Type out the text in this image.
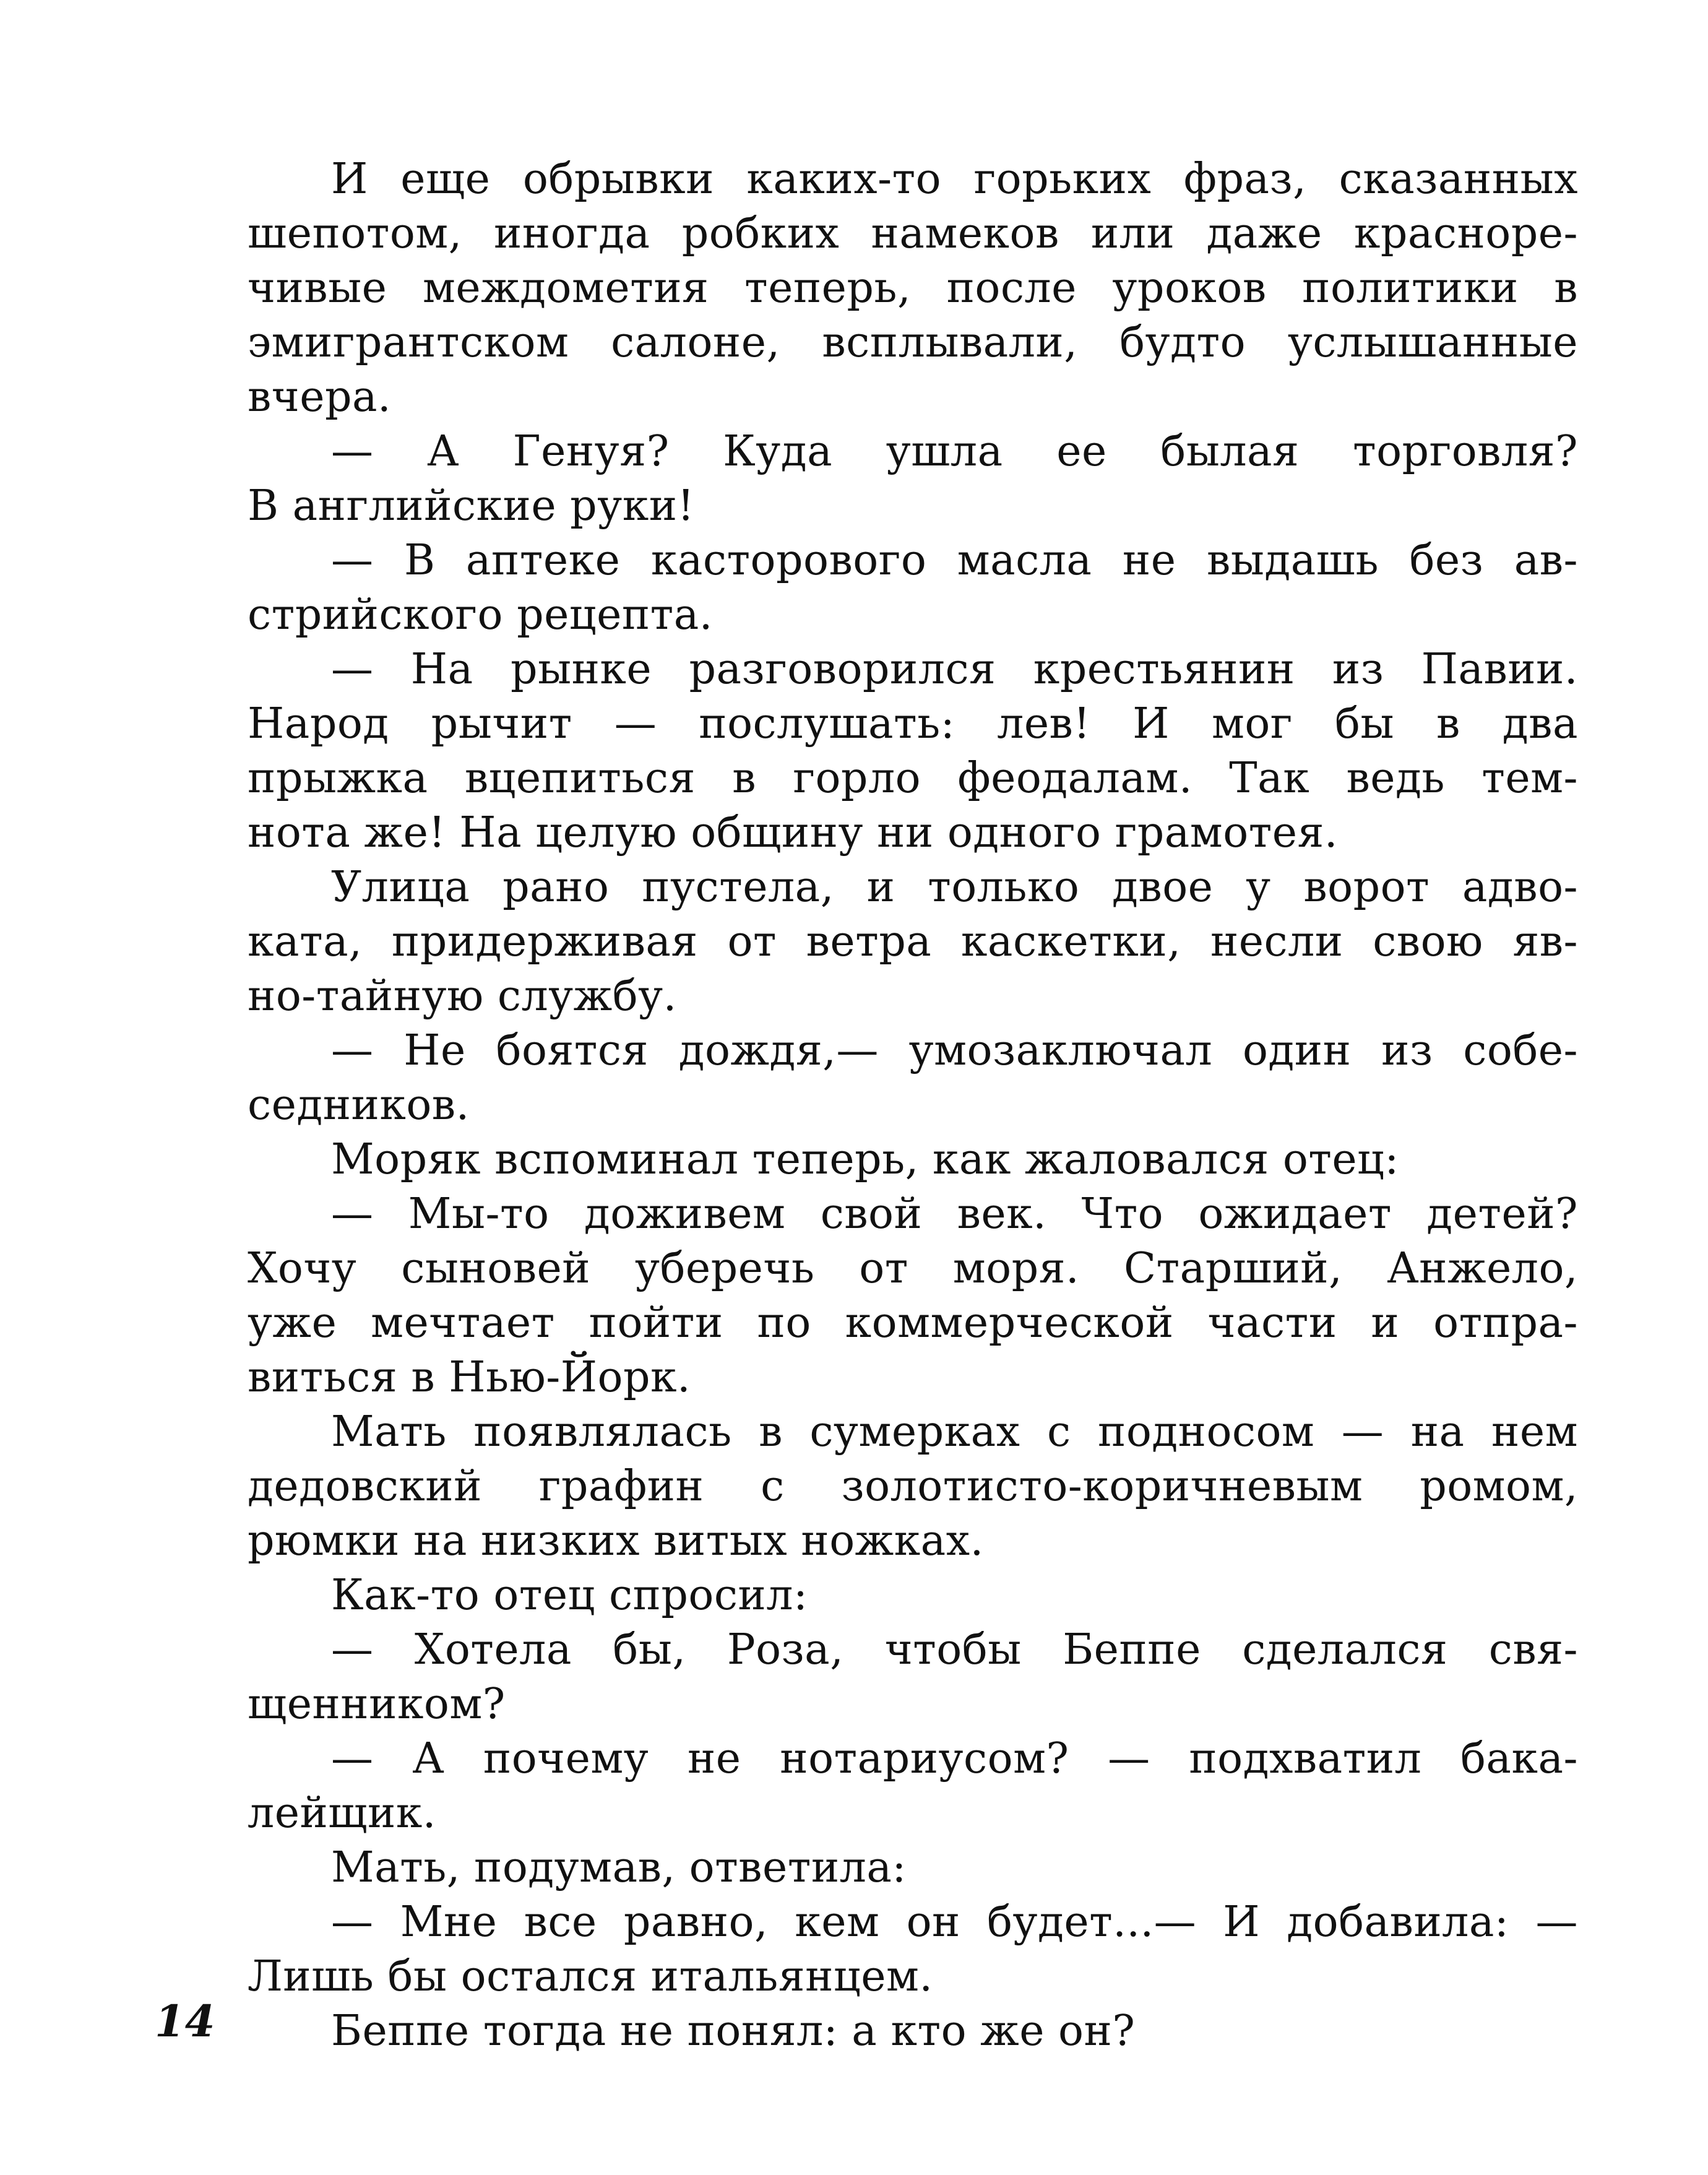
И еще обрывки каких-то горьких фраз, сказанных
шепотом, иногда робких намеков или даже красноре-
чивые междометия теперь, после уроков политики в
эмигрантском салоне, всплывали, будто услышанные
вчера.
— А Генуя? Куда ушла ее былая торговля?
В английские руки!
— В аптеке касторового масла не выдашь без ав-
стрийского рецепта.
— На рынке разговорился крестьянин из Павии.
Народ рычит — послушать: лев! И мог бы в два
прыжка вцепиться в горло феодалам. Так ведь тем-
нота же! На целую общину ни одного грамотея.
Улица рано пустела, и только двое у ворот адво-
ката, придерживая от ветра каскетки, несли свою яв-
но-тайную службу.
— Не боятся дождя,— умозаключал один из собе-
седников.
Моряк вспоминал теперь, как жаловался отец:
— Мы-то доживем свой век. Что ожидает детей?
Хочу сыновей уберечь от моря. Старший, Анжело,
уже мечтает пойти по коммерческой части и отпра-
виться в Нью-Йорк.
Мать появлялась в сумерках с подносом — на нем
дедовский графин с золотисто-коричневым ромом,
рюмки на низких витых ножках.
Как-то отец спросил:
— Хотела бы, Роза, чтобы Беппе сделался свя-
щенником?
— А почему не нотариусом? — подхватил бака-
лейщик.
Мать, подумав, ответила:
— Мне все равно, кем он будет...— И добавила: —
Лишь бы остался итальянцем.
Беппе тогда не понял: а кто же он?
14
